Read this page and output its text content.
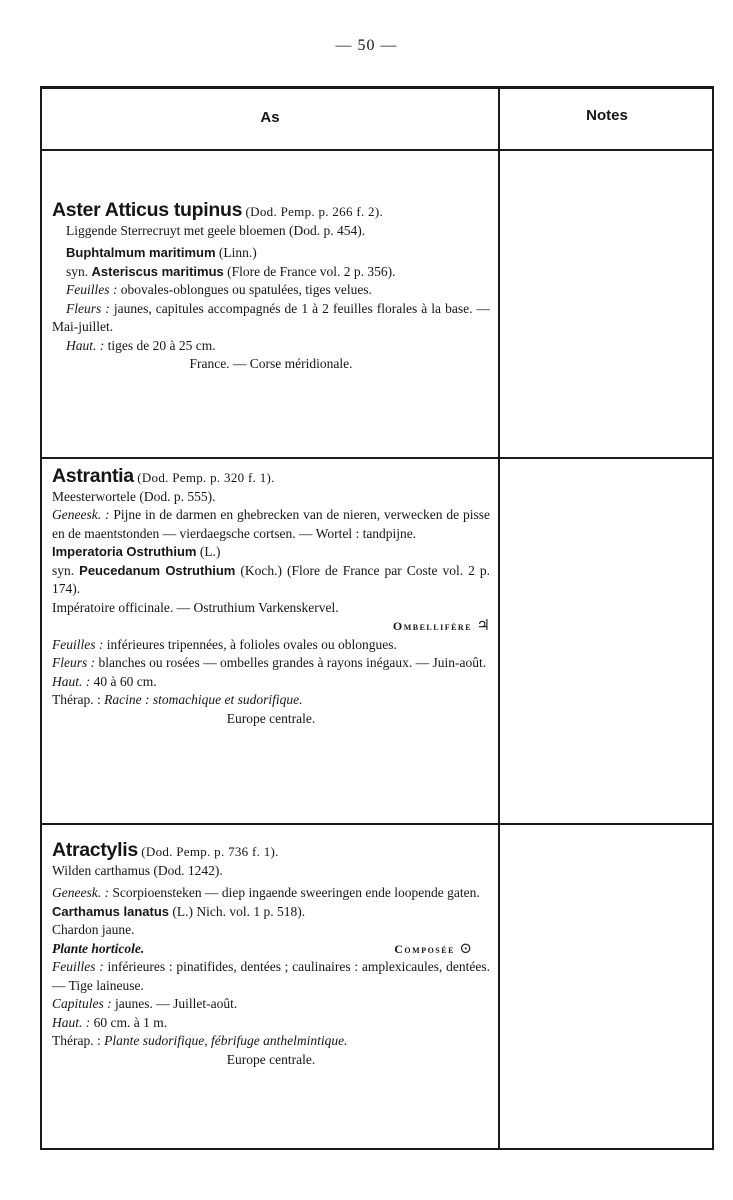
— 50 —
As	Notes

Aster Atticus tupinus (Dod. Pemp. p. 266 f. 2).

Liggende Sterrecruyt met geele bloemen (Dod. p. 454).

Buphtalmum maritimum (Linn.)

syn. Asteriscus maritimus (Flore de France vol. 2 p. 356).

Feuilles : obovales-oblongues ou spatulées, tiges velues.

Fleurs : jaunes, capitules accompagnés de 1 à 2 feuilles florales à la base. — Mai-juillet.

Haut. : tiges de 20 à 25 cm.

France. — Corse méridionale.

Astrantia (Dod. Pemp. p. 320 f. 1).

Meesterwortele (Dod. p. 555).

Geneesk. : Pijne in de darmen en ghebrecken van de nieren, verwecken de pisse en de maentstonden — vierdaegsche cortsen. — Wortel : tandpijne.

Imperatoria Ostruthium (L.)

syn. Peucedanum Ostruthium (Koch.) (Flore de France par Coste vol. 2 p. 174).

Impératoire officinale. — Ostruthium Varkenskervel.

Ombellifère ♃

Feuilles : inférieures tripennées, à folioles ovales ou oblongues.

Fleurs : blanches ou rosées — ombelles grandes à rayons inégaux. — Juin-août.

Haut. : 40 à 60 cm.

Thérap. : Racine : stomachique et sudorifique.

Europe centrale.

Atractylis (Dod. Pemp. p. 736 f. 1).

Wilden carthamus (Dod. 1242).

Geneesk. : Scorpioensteken — diep ingaende sweeringen ende loopende gaten.

Carthamus lanatus (L.) Nich. vol. 1 p. 518).

Chardon jaune.

Plante horticole.	Composée ⊙

Feuilles : inférieures : pinatifides, dentées ; caulinaires : amplexicaules, dentées. — Tige laineuse.

Capitules : jaunes. — Juillet-août.

Haut. : 60 cm. à 1 m.

Thérap. : Plante sudorifique, fébrifuge anthelmintique.

Europe centrale.
